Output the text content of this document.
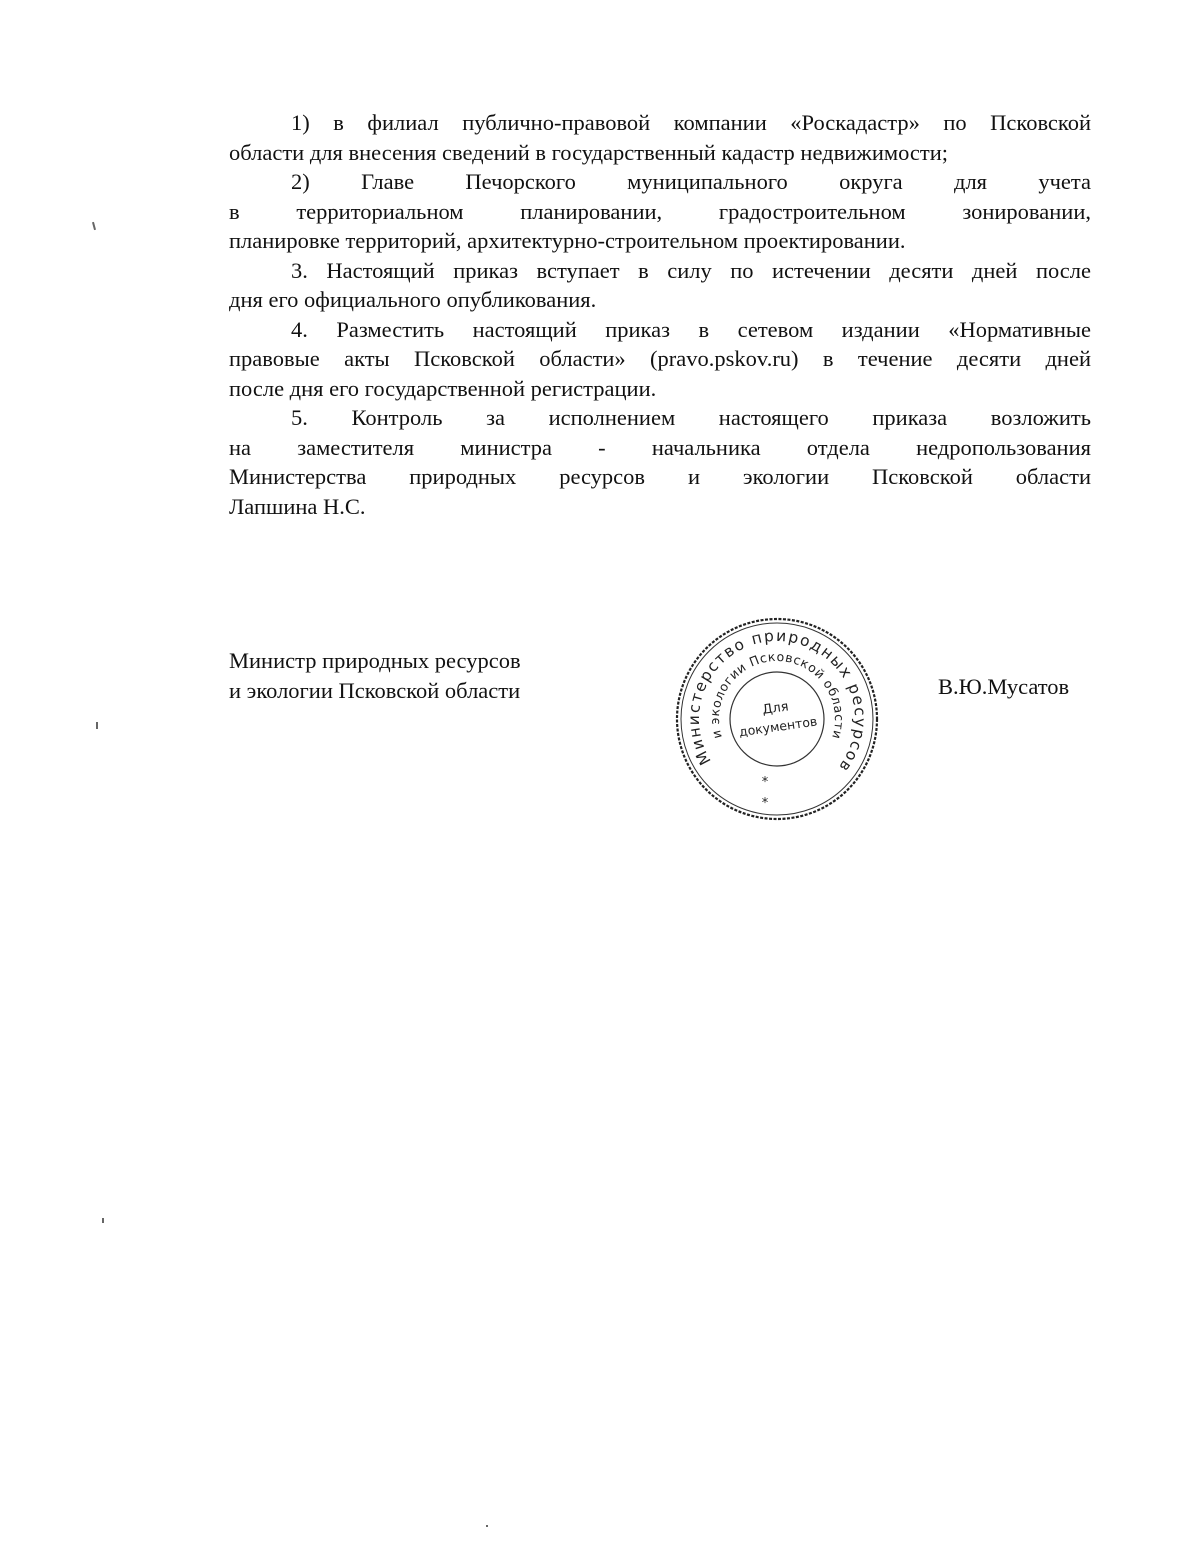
1) в филиал публично-правовой компании «Роскадастр» по Псковской
области для внесения сведений в государственный кадастр недвижимости;
2) Главе Печорского муниципального округа для учета
в территориальном планировании, градостроительном зонировании,
планировке территорий, архитектурно-строительном проектировании.
3. Настоящий приказ вступает в силу по истечении десяти дней после
дня его официального опубликования.
4. Разместить настоящий приказ в сетевом издании «Нормативные
правовые акты Псковской области» (pravo.pskov.ru) в течение десяти дней
после дня его государственной регистрации.
5. Контроль за исполнением настоящего приказа возложить
на заместителя министра - начальника отдела недропользования
Министерства природных ресурсов и экологии Псковской области
Лапшина Н.С.
Министр природных ресурсов
и экологии Псковской области	В.Ю.Мусатов
Министерство природных ресурсов
и экологии Псковской области
Для
документов
*
*
